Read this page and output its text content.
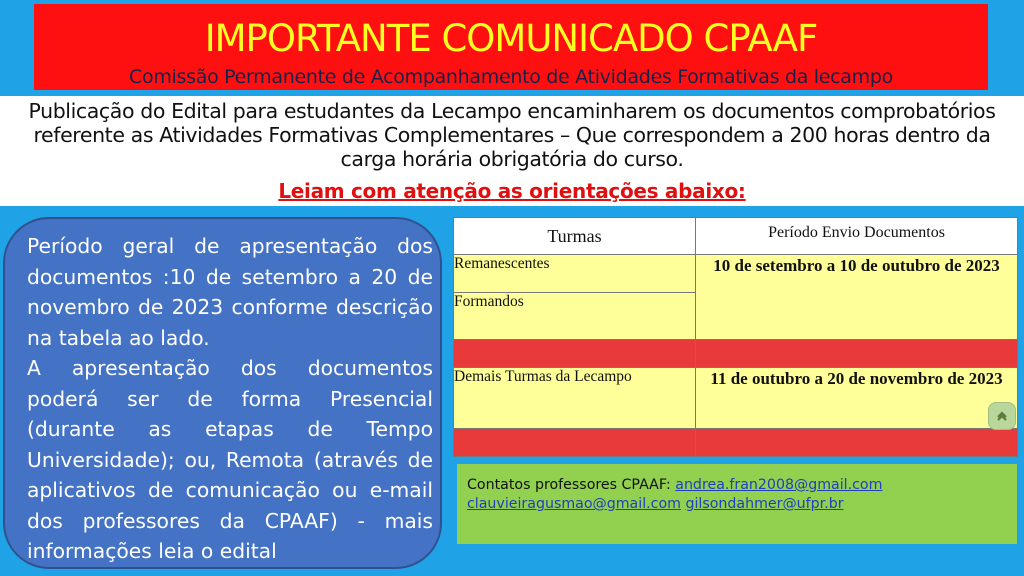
IMPORTANTE COMUNICADO CPAAF
Comissão Permanente de Acompanhamento de Atividades Formativas da lecampo
Publicação do Edital para estudantes da Lecampo encaminharem os documentos comprobatórios
referente as Atividades Formativas Complementares – Que correspondem a 200 horas dentro da
carga horária obrigatória do curso.
Leiam com atenção as orientações abaixo:

Período geral de apresentação dos documentos :10 de setembro a 20 de novembro de 2023 conforme descrição na tabela ao lado.

A apresentação dos documentos poderá ser de forma Presencial (durante as etapas de Tempo Universidade); ou, Remota (através de aplicativos de comunicação ou e-mail dos professores da CPAAF) - mais informações leia o edital

Turmas	Período Envio Documentos
Remanescentes	10 de setembro a 10 de outubro de 2023
Formandos	

Demais Turmas da Lecampo	11 de outubro a 20 de novembro de 2023

Contatos professores CPAAF: andrea.fran2008@gmail.com
clauvieiragusmao@gmail.com gilsondahmer@ufpr.br
